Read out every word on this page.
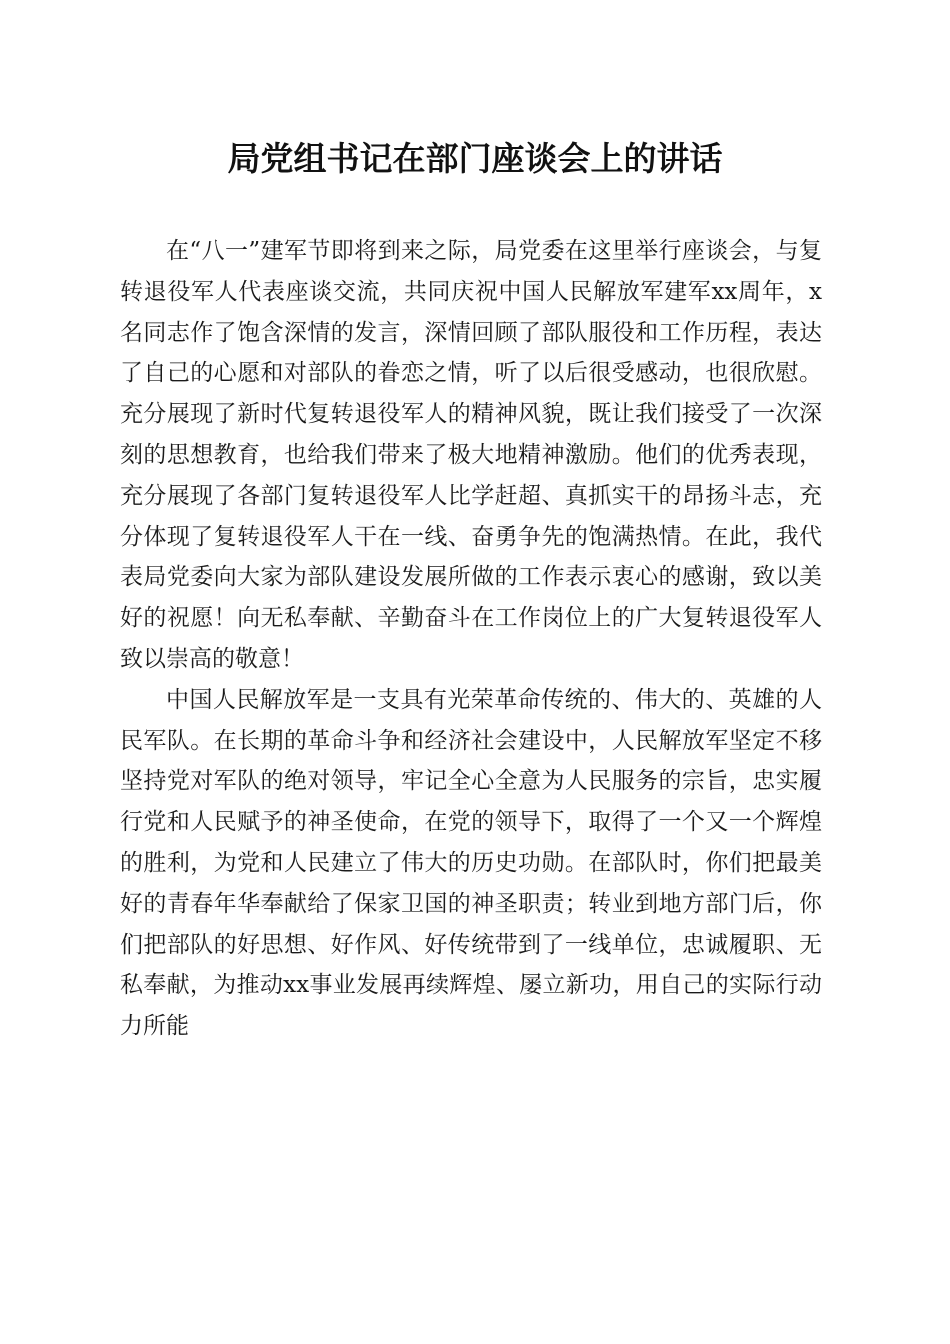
局党组书记在部门座谈会上的讲话

在“八一”建军节即将到来之际，局党委在这里举行座谈会，与复转退役军人代表座谈交流，共同庆祝中国人民解放军建军xx周年，x名同志作了饱含深情的发言，深情回顾了部队服役和工作历程，表达了自己的心愿和对部队的眷恋之情，听了以后很受感动，也很欣慰。充分展现了新时代复转退役军人的精神风貌，既让我们接受了一次深刻的思想教育，也给我们带来了极大地精神激励。他们的优秀表现，充分展现了各部门复转退役军人比学赶超、真抓实干的昂扬斗志，充分体现了复转退役军人干在一线、奋勇争先的饱满热情。在此，我代表局党委向大家为部队建设发展所做的工作表示衷心的感谢，致以美好的祝愿！向无私奉献、辛勤奋斗在工作岗位上的广大复转退役军人致以崇高的敬意！

中国人民解放军是一支具有光荣革命传统的、伟大的、英雄的人民军队。在长期的革命斗争和经济社会建设中，人民解放军坚定不移坚持党对军队的绝对领导，牢记全心全意为人民服务的宗旨，忠实履行党和人民赋予的神圣使命，在党的领导下，取得了一个又一个辉煌的胜利，为党和人民建立了伟大的历史功勋。在部队时，你们把最美好的青春年华奉献给了保家卫国的神圣职责；转业到地方部门后，你们把部队的好思想、好作风、好传统带到了一线单位，忠诚履职、无私奉献，为推动xx事业发展再续辉煌、屡立新功，用自己的实际行动力所能
